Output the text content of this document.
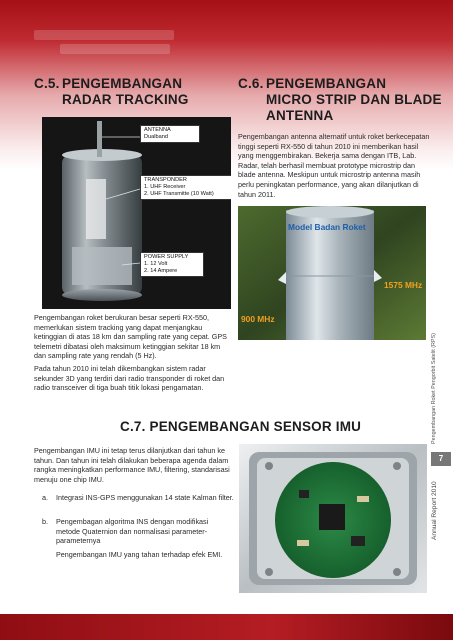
C.5. PENGEMBANGAN
RADAR TRACKING
C.6. PENGEMBANGAN
MICRO STRIP DAN BLADE
ANTENNA
ANTENNA
Dualband
TRANSPONDER
1. UHF Receiver
2. UHF Transmitte (10 Watt)
POWER SUPPLY
1. 12 Volt
2. 14 Ampere

Pengembangan antenna alternatif untuk roket berkecepatan tinggi seperti RX-550 di tahun 2010 ini memberikan hasil yang menggembirakan. Bekerja sama dengan ITB, Lab. Radar, telah berhasil membuat prototype microstrip dan blade antenna. Meskipun untuk microstrip antenna masih perlu peningkatan performance, yang akan dilanjutkan di tahun 2011.

Model Badan Roket
1575 MHz
900 MHz

Pengembangan roket berukuran besar seperti RX-550, memerlukan sistem tracking yang dapat menjangkau ketinggian di atas 18 km dan sampling rate yang cepat. GPS telemetri dibatasi oleh maksimum ketinggian sekitar 18 km dan sampling rate yang rendah (5 Hz).

Pada tahun 2010 ini telah dikembangkan sistem radar sekunder 3D yang terdiri dari radio transponder di roket dan radio transceiver di tiga buah titik lokasi pengamatan.

C.7. PENGEMBANGAN SENSOR IMU

Pengembangan IMU ini tetap terus dilanjutkan dari tahun ke tahun. Dan tahun ini telah dilakukan beberapa agenda dalam rangka meningkatkan performance IMU, filtering, standarisasi menuju one chip IMU.

a. Integrasi INS-GPS menggunakan 14 state Kalman filter.
b. Pengembagan algoritma INS dengan modifikasi metode Quaternion dan normalisasi parameter-parameternya

Pengembangan IMU yang tahan terhadap efek EMI.

Pengembangan Roket Pengorbit Satelit (RPS)
7
Annual Report 2010
